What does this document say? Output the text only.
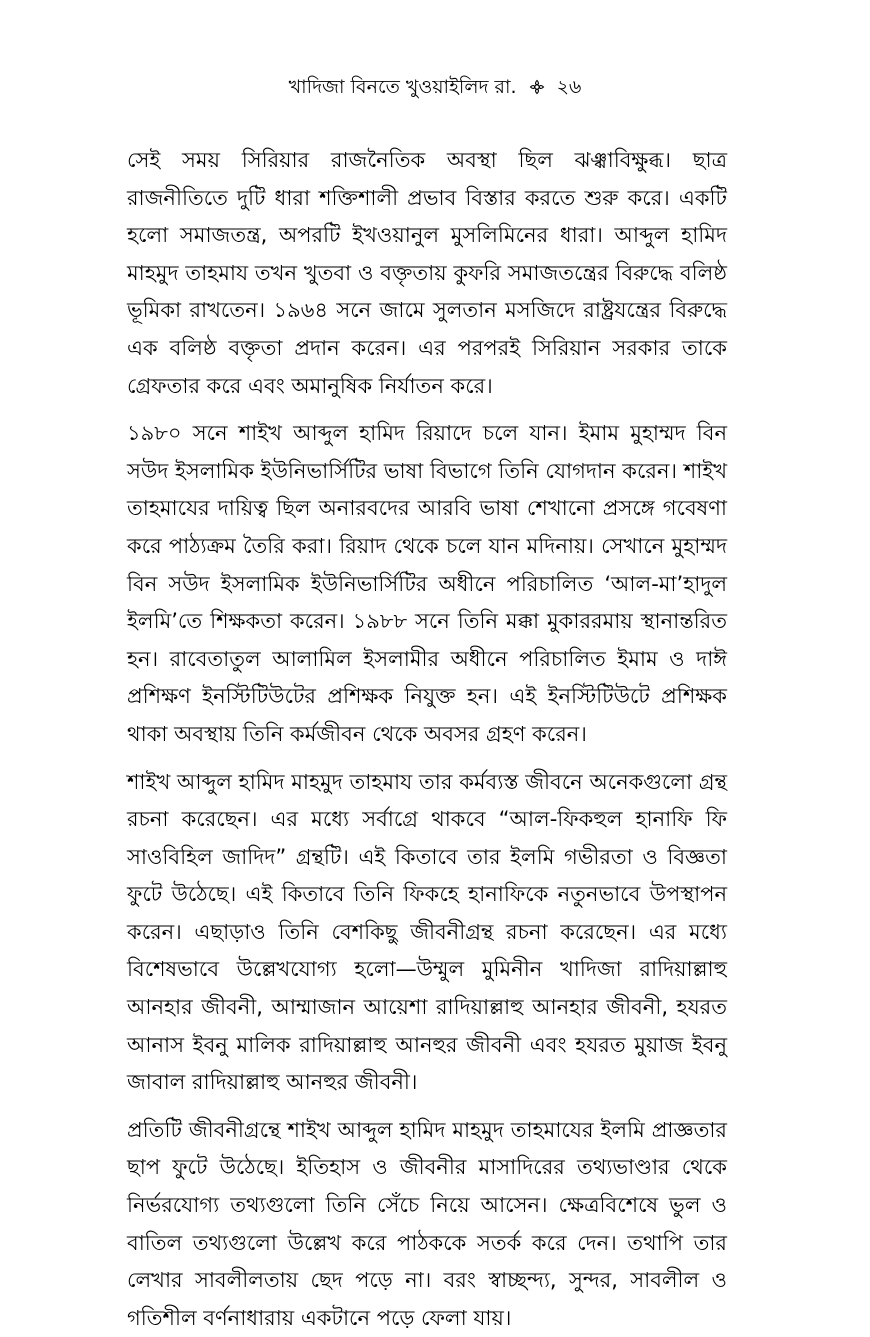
খাদিজা বিনতে খুওয়াইলিদ রা. ২৬

সেই সময় সিরিয়ার রাজনৈতিক অবস্থা ছিল ঝঞ্ঝাবিক্ষুব্ধ। ছাত্র রাজনীতিতে দুটি ধারা শক্তিশালী প্রভাব বিস্তার করতে শুরু করে। একটি হলো সমাজতন্ত্র, অপরটি ইখওয়ানুল মুসলিমিনের ধারা। আব্দুল হামিদ মাহমুদ তাহমায তখন খুতবা ও বক্তৃতায় কুফরি সমাজতন্ত্রের বিরুদ্ধে বলিষ্ঠ ভূমিকা রাখতেন। ১৯৬৪ সনে জামে সুলতান মসজিদে রাষ্ট্রযন্ত্রের বিরুদ্ধে এক বলিষ্ঠ বক্তৃতা প্রদান করেন। এর পরপরই সিরিয়ান সরকার তাকে গ্রেফতার করে এবং অমানুষিক নির্যাতন করে।

১৯৮০ সনে শাইখ আব্দুল হামিদ রিয়াদে চলে যান। ইমাম মুহাম্মদ বিন সউদ ইসলামিক ইউনিভার্সিটির ভাষা বিভাগে তিনি যোগদান করেন। শাইখ তাহমাযের দায়িত্ব ছিল অনারবদের আরবি ভাষা শেখানো প্রসঙ্গে গবেষণা করে পাঠ্যক্রম তৈরি করা। রিয়াদ থেকে চলে যান মদিনায়। সেখানে মুহাম্মদ বিন সউদ ইসলামিক ইউনিভার্সিটির অধীনে পরিচালিত ‘আল-মা’হাদুল ইলমি’তে শিক্ষকতা করেন। ১৯৮৮ সনে তিনি মক্কা মুকাররমায় স্থানান্তরিত হন। রাবেতাতুল আলামিল ইসলামীর অধীনে পরিচালিত ইমাম ও দাঈ প্রশিক্ষণ ইনস্টিটিউটের প্রশিক্ষক নিযুক্ত হন। এই ইনস্টিটিউটে প্রশিক্ষক থাকা অবস্থায় তিনি কর্মজীবন থেকে অবসর গ্রহণ করেন।

শাইখ আব্দুল হামিদ মাহমুদ তাহমায তার কর্মব্যস্ত জীবনে অনেকগুলো গ্রন্থ রচনা করেছেন। এর মধ্যে সর্বাগ্রে থাকবে “আল-ফিকহুল হানাফি ফি সাওবিহিল জাদিদ” গ্রন্থটি। এই কিতাবে তার ইলমি গভীরতা ও বিজ্ঞতা ফুটে উঠেছে। এই কিতাবে তিনি ফিকহে হানাফিকে নতুনভাবে উপস্থাপন করেন। এছাড়াও তিনি বেশকিছু জীবনীগ্রন্থ রচনা করেছেন। এর মধ্যে বিশেষভাবে উল্লেখযোগ্য হলো—উম্মুল মুমিনীন খাদিজা রাদিয়াল্লাহু আনহার জীবনী, আম্মাজান আয়েশা রাদিয়াল্লাহু আনহার জীবনী, হযরত আনাস ইবনু মালিক রাদিয়াল্লাহু আনহুর জীবনী এবং হযরত মুয়াজ ইবনু জাবাল রাদিয়াল্লাহু আনহুর জীবনী।

প্রতিটি জীবনীগ্রন্থে শাইখ আব্দুল হামিদ মাহমুদ তাহমাযের ইলমি প্রাজ্ঞতার ছাপ ফুটে উঠেছে। ইতিহাস ও জীবনীর মাসাদিরের তথ্যভাণ্ডার থেকে নির্ভরযোগ্য তথ্যগুলো তিনি সেঁচে নিয়ে আসেন। ক্ষেত্রবিশেষে ভুল ও বাতিল তথ্যগুলো উল্লেখ করে পাঠককে সতর্ক করে দেন। তথাপি তার লেখার সাবলীলতায় ছেদ পড়ে না। বরং স্বাচ্ছন্দ্য, সুন্দর, সাবলীল ও গতিশীল বর্ণনাধারায় একটানে পড়ে ফেলা যায়।
